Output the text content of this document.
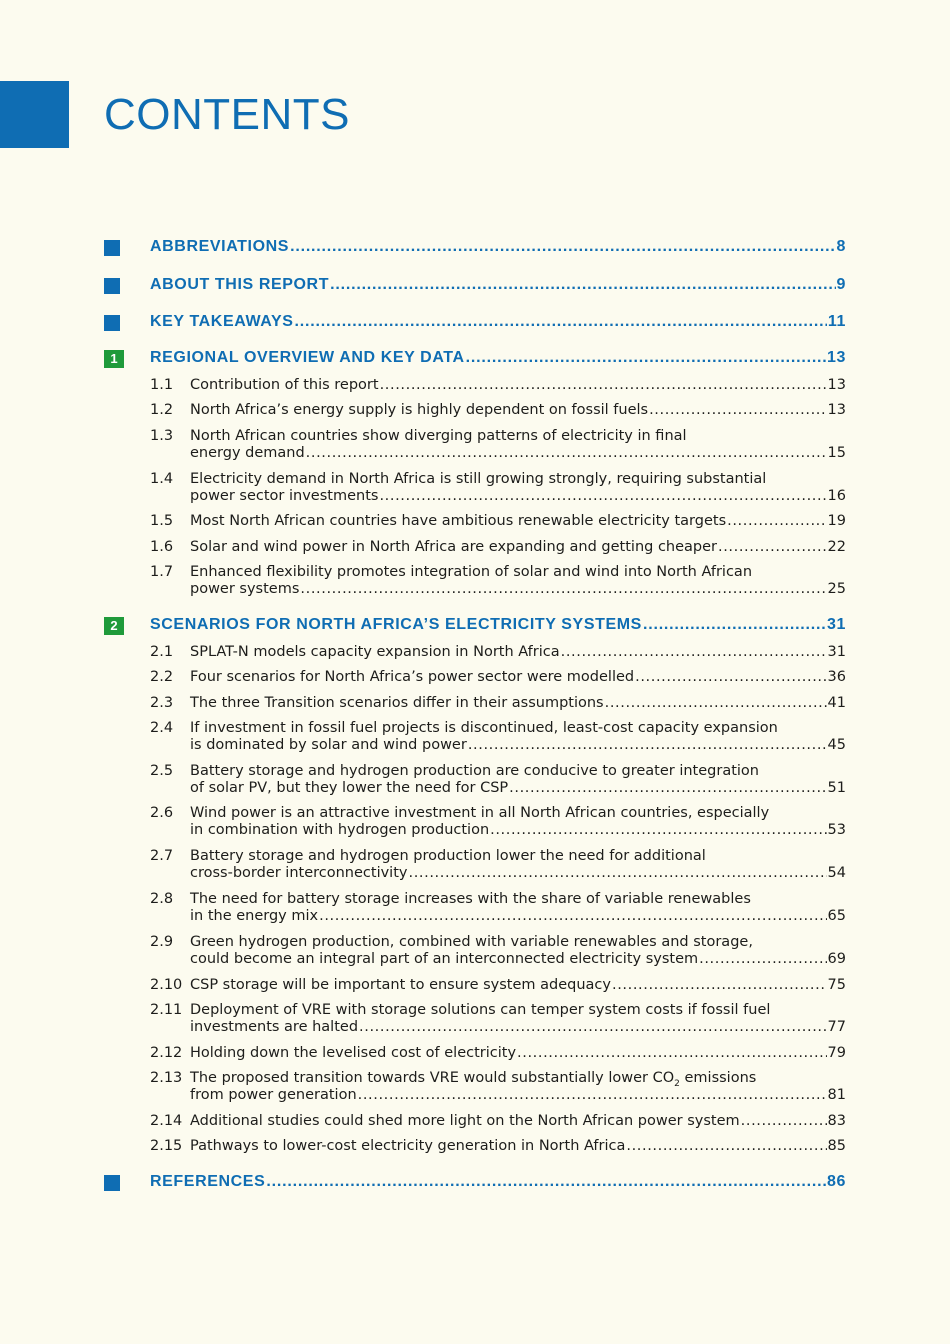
CONTENTS
ABBREVIATIONS .....	8
ABOUT THIS REPORT .....	9
KEY TAKEAWAYS .....	11
1	REGIONAL OVERVIEW AND KEY DATA .....	13
1.1 Contribution of this report .....	13
1.2 North Africa’s energy supply is highly dependent on fossil fuels .....	13
1.3 North African countries show diverging patterns of electricity in final
energy demand .....	15
1.4 Electricity demand in North Africa is still growing strongly, requiring substantial
power sector investments .....	16
1.5 Most North African countries have ambitious renewable electricity targets .....	19
1.6 Solar and wind power in North Africa are expanding and getting cheaper .....	22
1.7 Enhanced flexibility promotes integration of solar and wind into North African
power systems .....	25
2	SCENARIOS FOR NORTH AFRICA’S ELECTRICITY SYSTEMS .....	31
2.1 SPLAT-N models capacity expansion in North Africa .....	31
2.2 Four scenarios for North Africa’s power sector were modelled .....	36
2.3 The three Transition scenarios differ in their assumptions .....	41
2.4 If investment in fossil fuel projects is discontinued, least-cost capacity expansion
is dominated by solar and wind power .....	45
2.5 Battery storage and hydrogen production are conducive to greater integration
of solar PV, but they lower the need for CSP .....	51
2.6 Wind power is an attractive investment in all North African countries, especially
in combination with hydrogen production .....	53
2.7 Battery storage and hydrogen production lower the need for additional
cross-border interconnectivity .....	54
2.8 The need for battery storage increases with the share of variable renewables
in the energy mix .....	65
2.9 Green hydrogen production, combined with variable renewables and storage,
could become an integral part of an interconnected electricity system .....	69
2.10 CSP storage will be important to ensure system adequacy .....	75
2.11 Deployment of VRE with storage solutions can temper system costs if fossil fuel
investments are halted .....	77
2.12 Holding down the levelised cost of electricity .....	79
2.13 The proposed transition towards VRE would substantially lower $CO_2$ emissions
from power generation .....	81
2.14 Additional studies could shed more light on the North African power system .....	83
2.15 Pathways to lower-cost electricity generation in North Africa .....	85
REFERENCES .....	86
